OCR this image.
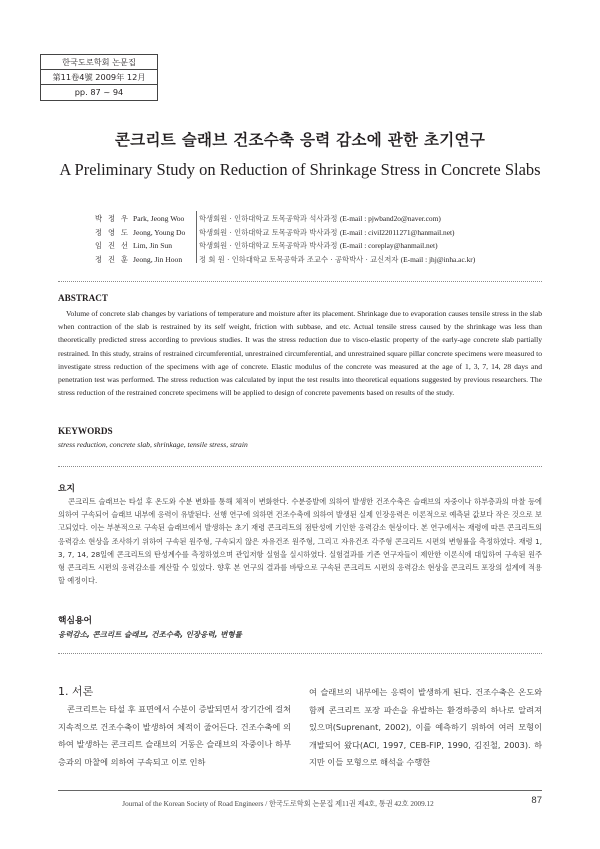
한국도로학회 논문집
第11卷4號 2009年 12月
pp. 87 ~ 94
콘크리트 슬래브 건조수축 응력 감소에 관한 초기연구
A Preliminary Study on Reduction of Shrinkage Stress in Concrete Slabs
박 정 우 Park, Jeong Woo 학생회원 · 인하대학교 토목공학과 석사과정 (E-mail : pjwband2o@naver.com)
정 영 도 Jeong, Young Do 학생회원 · 인하대학교 토목공학과 박사과정 (E-mail : civil22011271@hanmail.net)
임 진 선 Lim, Jin Sun	학생회원 · 인하대학교 토목공학과 박사과정 (E-mail : coreplay@hanmail.net)
정 진 훈 Jeong, Jin Hoon 정 회 원 · 인하대학교 토목공학과 조교수 · 공학박사 · 교신저자 (E-mail : jhj@inha.ac.kr)
ABSTRACT
Volume of concrete slab changes by variations of temperature and moisture after its placement. Shrinkage due to evaporation causes tensile stress in the slab when contraction of the slab is restrained by its self weight, friction with subbase, and etc. Actual tensile stress caused by the shrinkage was less than theoretically predicted stress according to previous studies. It was the stress reduction due to visco-elastic property of the early-age concrete slab partially restrained. In this study, strains of restrained circumferential, unrestrained circumferential, and unrestrained square pillar concrete specimens were measured to investigate stress reduction of the specimens with age of concrete. Elastic modulus of the concrete was measured at the age of 1, 3, 7, 14, 28 days and penetration test was performed. The stress reduction was calculated by input the test results into theoretical equations suggested by previous researchers. The stress reduction of the restrained concrete specimens will be applied to design of concrete pavements based on results of the study.
KEYWORDS
stress reduction, concrete slab, shrinkage, tensile stress, strain
요지
콘크리트 슬래브는 타설 후 온도와 수분 변화를 통해 체적이 변화한다. 수분증발에 의하여 발생한 건조수축은 슬래브의 자중이나 하부층과의 마찰 등에 의하여 구속되어 슬래브 내부에 응력이 유발된다. 선행 연구에 의하면 건조수축에 의하여 발생된 실제 인장응력은 이론적으로 예측된 값보다 작은 것으로 보고되었다. 이는 부분적으로 구속된 슬래브에서 발생하는 초기 재령 콘크리트의 점탄성에 기인한 응력감소 현상이다. 본 연구에서는 재령에 따른 콘크리트의 응력감소 현상을 조사하기 위하여 구속된 원주형, 구속되지 않은 자유건조 원주형, 그리고 자유건조 각주형 콘크리트 시편의 변형률을 측정하였다. 재령 1, 3, 7, 14, 28일에 콘크리트의 탄성계수를 측정하였으며 관입저항 실험을 실시하였다. 실험결과를 기존 연구자들이 제안한 이론식에 대입하여 구속된 원주형 콘크리트 시편의 응력감소를 계산할 수 있었다. 향후 본 연구의 결과를 바탕으로 구속된 콘크리트 시편의 응력감소 현상을 콘크리트 포장의 설계에 적용할 예정이다.
핵심용어
응력감소, 콘크리트 슬래브, 건조수축, 인장응력, 변형률
1. 서론
콘크리트는 타설 후 표면에서 수분이 증발되면서 장기간에 걸쳐 지속적으로 건조수축이 발생하여 체적이 줄어든다. 건조수축에 의하여 발생하는 콘크리트 슬래브의 거동은 슬래브의 자중이나 하부층과의 마찰에 의하여 구속되고 이로 인하
여 슬래브의 내부에는 응력이 발생하게 된다. 건조수축은 온도와 함께 콘크리트 포장 파손을 유발하는 환경하중의 하나로 알려져 있으며(Suprenant, 2002), 이를 예측하기 위하여 여러 모형이 개발되어 왔다(ACI, 1997, CEB-FIP, 1990, 김진철, 2003). 하지만 이들 모형으로 해석을 수행한
Journal of the Korean Society of Road Engineers / 한국도로학회 논문집 제11권 제4호, 통권 42호 2009.12	87
